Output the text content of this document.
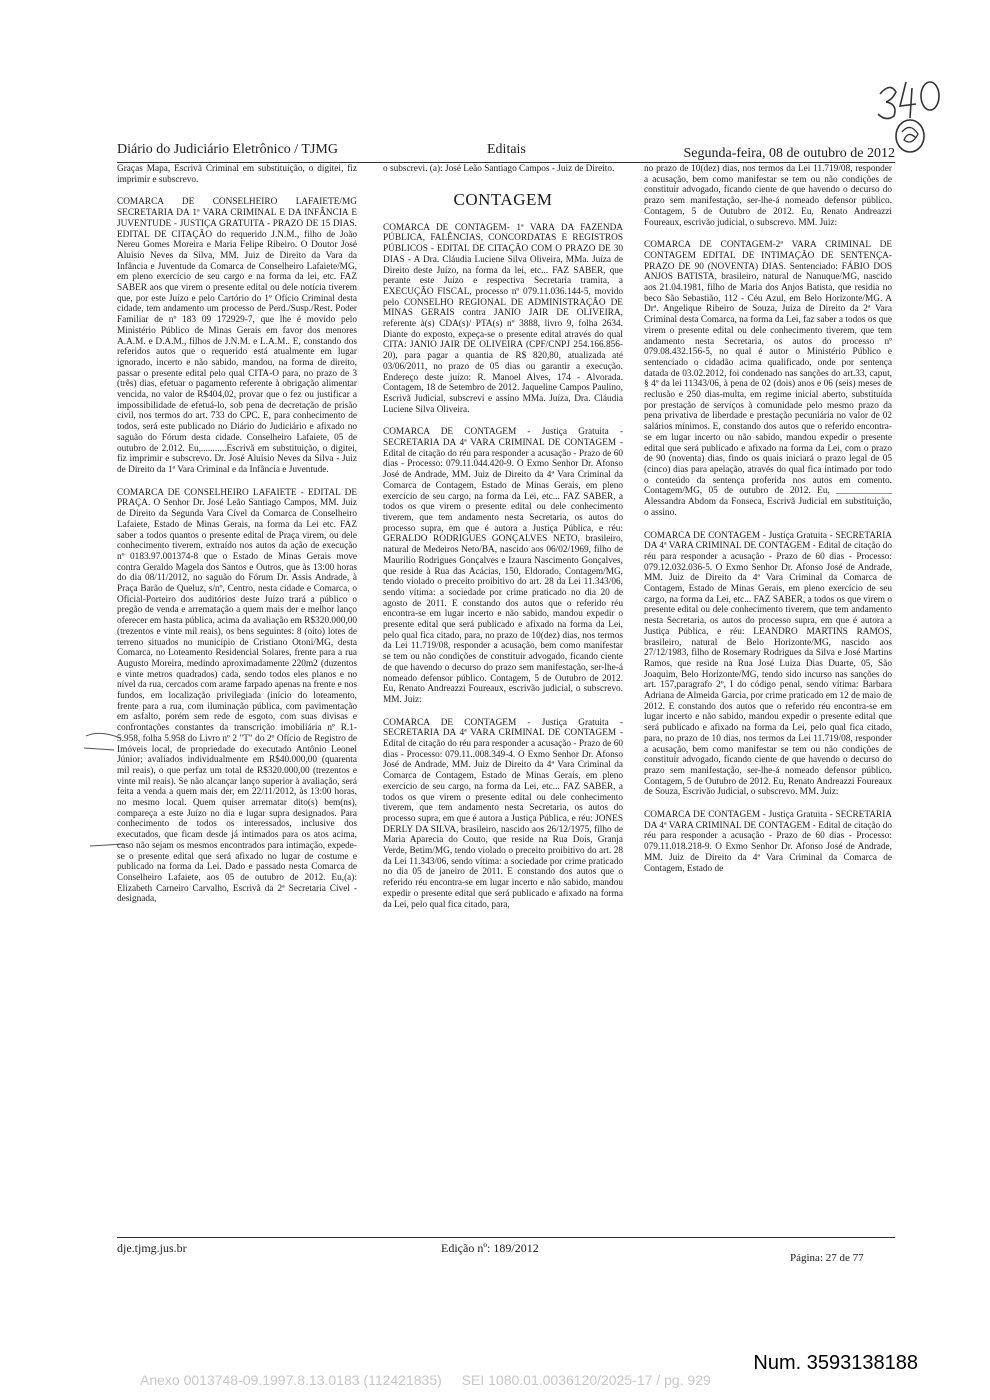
Diário do Judiciário Eletrônico / TJMG	Editais	Segunda-feira, 08 de outubro de 2012

Graças Mapa, Escrivã Criminal em substituição, o digitei, fiz imprimir e subscrevo.

COMARCA DE CONSELHEIRO LAFAIETE/MG SECRETARIA DA 1ª VARA CRIMINAL E DA INFÂNCIA E JUVENTUDE - JUSTIÇA GRATUITA - PRAZO DE 15 DIAS. EDITAL DE CITAÇÃO do requerido J.N.M., filho de João Nereu Gomes Moreira e Maria Felipe Ribeiro. O Doutor José Aluísio Neves da Silva, MM. Juiz de Direito da Vara da Infância e Juventude da Comarca de Conselheiro Lafaiete/MG, em pleno exercício de seu cargo e na forma da lei, etc. FAZ SABER aos que virem o presente edital ou dele notícia tiverem que, por este Juízo e pelo Cartório do 1º Ofício Criminal desta cidade, tem andamento um processo de Perd./Susp./Rest. Poder Familiar de nº 183 09 172929-7, que lhe é movido pelo Ministério Público de Minas Gerais em favor dos menores A.A.M. e D.A.M., filhos de J.N.M. e L.A.M.. E, constando dos referidos autos que o requerido está atualmente em lugar ignorado, incerto e não sabido, mandou, na forma de direito, passar o presente edital pelo qual CITA-O para, no prazo de 3 (três) dias, efetuar o pagamento referente à obrigação alimentar vencida, no valor de R$404,02, provar que o fez ou justificar a impossibilidade de efetuá-lo, sob pena de decretação de prisão civil, nos termos do art. 733 do CPC. E, para conhecimento de todos, será este publicado no Diário do Judiciário e afixado no saguão do Fórum desta cidade. Conselheiro Lafaiete, 05 de outubro de 2.012. Eu,...........Escrivã em substituição, o digitei, fiz imprimir e subscrevo. Dr. José Aluísio Neves da Silva - Juiz de Direito da 1ª Vara Criminal e da Infância e Juventude.

COMARCA DE CONSELHEIRO LAFAIETE - EDITAL DE PRAÇA. O Senhor Dr. José Leão Santiago Campos, MM. Juiz de Direito da Segunda Vara Cível da Comarca de Conselheiro Lafaiete, Estado de Minas Gerais, na forma da Lei etc. FAZ saber a todos quantos o presente edital de Praça virem, ou dele conhecimento tiverem, extraído nos autos da ação de execução nº 0183.97.001374-8 que o Estado de Minas Gerais move contra Geraldo Magela dos Santos e Outros, que às 13:00 horas do dia 08/11/2012, no saguão do Fórum Dr. Assis Andrade, à Praça Barão de Queluz, s/nº, Centro, nesta cidade e Comarca, o Oficial-Porteiro dos auditórios deste Juízo trará a público o pregão de venda e arrematação a quem mais der e melhor lanço oferecer em hasta pública, acima da avaliação em R$320.000,00 (trezentos e vinte mil reais), os bens seguintes: 8 (oito) lotes de terreno situados no município de Cristiano Otoni/MG, desta Comarca, no Loteamento Residencial Solares, frente para a rua Augusto Moreira, medindo aproximadamente 220m2 (duzentos e vinte metros quadrados) cada, sendo todos eles planos e no nível da rua, cercados com arame farpado apenas na frente e nos fundos, em localização privilegiada (início do loteamento, frente para a rua, com iluminação pública, com pavimentação em asfalto, porém sem rede de esgoto, com suas divisas e confrontações constantes da transcrição imobiliária nº R.1-5.958, folha 5.958 do Livro nº 2 "T" do 2º Ofício de Registro de Imóveis local, de propriedade do executado Antônio Leonel Júnior; avaliados individualmente em R$40.000,00 (quarenta mil reais), o que perfaz um total de R$320.000,00 (trezentos e vinte mil reais). Se não alcançar lanço superior à avaliação, será feita a venda a quem mais der, em 22/11/2012, às 13:00 horas, no mesmo local. Quem quiser arrematar dito(s) bem(ns), compareça a este Juízo no dia e lugar supra designados. Para conhecimento de todos os interessados, inclusive dos executados, que ficam desde já intimados para os atos acima, caso não sejam os mesmos encontrados para intimação, expede-se o presente edital que será afixado no lugar de costume e publicado na forma da Lei. Dado e passado nesta Comarca de Conselheiro Lafaiete, aos 05 de outubro de 2012. Eu,(a): Elizabeth Carneiro Carvalho, Escrivã da 2ª Secretaria Cível - designada,

o subscrevi. (a): José Leão Santiago Campos - Juiz de Direito.

CONTAGEM

COMARCA DE CONTAGEM- 1ª VARA DA FAZENDA PÚBLICA, FALÊNCIAS, CONCORDATAS E REGISTROS PÚBLICOS - EDITAL DE CITAÇÃO COM O PRAZO DE 30 DIAS - A Dra. Cláudia Luciene Silva Oliveira, MMa. Juíza de Direito deste Juízo, na forma da lei, etc... FAZ SABER, que perante este Juízo e respectiva Secretaria tramita, a EXECUÇÃO FISCAL, processo nº 079.11.036.144-5, movido pelo CONSELHO REGIONAL DE ADMINISTRAÇÃO DE MINAS GERAIS contra JANIO JAIR DE OLIVEIRA, referente à(s) CDA(s)/ PTA(s) nº 3888, livro 9, folha 2634. Diante do exposto, expeça-se o presente edital através do qual CITA: JANIO JAIR DE OLIVEIRA (CPF/CNPJ 254.166.856-20), para pagar a quantia de R$ 820,80, atualizada até 03/06/2011, no prazo de 05 dias ou garantir a execução. Endereço deste juízo: R. Manoel Alves, 174 - Alvorada. Contagem, 18 de Setembro de 2012. Jaqueline Campos Paulino, Escrivã Judicial, subscrevi e assino MMa. Juíza, Dra. Cláudia Luciene Silva Oliveira.

COMARCA DE CONTAGEM - Justiça Gratuita - SECRETARIA DA 4ª VARA CRIMINAL DE CONTAGEM - Edital de citação do réu para responder a acusação - Prazo de 60 dias - Processo: 079.11.044.420-9. O Exmo Senhor Dr. Afonso José de Andrade, MM. Juiz de Direito da 4ª Vara Criminal da Comarca de Contagem, Estado de Minas Gerais, em pleno exercício de seu cargo, na forma da Lei, etc... FAZ SABER, a todos os que virem o presente edital ou dele conhecimento tiverem, que tem andamento nesta Secretaria, os autos do processo supra, em que é autora a Justiça Pública, e réu: GERALDO RODRIGUES GONÇALVES NETO, brasileiro, natural de Medeiros Neto/BA, nascido aos 06/02/1969, filho de Maurilio Rodrigues Gonçalves e Izaura Nascimento Gonçalves, que reside à Rua das Acácias, 150, Eldorado, Contagem/MG, tendo violado o preceito proibitivo do art. 28 da Lei 11.343/06, sendo vítima: a sociedade por crime praticado no dia 20 de agosto de 2011. E constando dos autos que o referido réu encontra-se em lugar incerto e não sabido, mandou expedir o presente edital que será publicado e afixado na forma da Lei, pelo qual fica citado, para, no prazo de 10(dez) dias, nos termos da Lei 11.719/08, responder a acusação, bem como manifestar se tem ou não condições de constituir advogado, ficando ciente de que havendo o decurso do prazo sem manifestação, ser-lhe-á nomeado defensor público. Contagem, 5 de Outubro de 2012. Eu, Renato Andreazzi Foureaux, escrivão judicial, o subscrevo. MM. Juiz:

COMARCA DE CONTAGEM - Justiça Gratuita - SECRETARIA DA 4ª VARA CRIMINAL DE CONTAGEM - Edital de citação do réu para responder a acusação - Prazo de 60 dias - Processo: 079.11..008.349-4. O Exmo Senhor Dr. Afonso José de Andrade, MM. Juiz de Direito da 4ª Vara Criminal da Comarca de Contagem, Estado de Minas Gerais, em pleno exercício de seu cargo, na forma da Lei, etc... FAZ SABER, a todos os que virem o presente edital ou dele conhecimento tiverem, que tem andamento nesta Secretaria, os autos do processo supra, em que é autora a Justiça Pública, e réu: JONES DERLY DA SILVA, brasileiro, nascido aos 26/12/1975, filho de Maria Aparecia do Couto, que reside na Rua Dois, Granja Verde, Betim/MG, tendo violado o preceito proibitivo do art. 28 da Lei 11.343/06, sendo vítima: a sociedade por crime praticado no dia 05 de janeiro de 2011. E constando dos autos que o referido réu encontra-se em lugar incerto e não sabido, mandou expedir o presente edital que será publicado e afixado na forma da Lei, pelo qual fica citado, para,

no prazo de 10(dez) dias, nos termos da Lei 11.719/08, responder a acusação, bem como manifestar se tem ou não condições de constituir advogado, ficando ciente de que havendo o decurso do prazo sem manifestação, ser-lhe-á nomeado defensor público. Contagem, 5 de Outubro de 2012. Eu, Renato Andreazzi Foureaux, escrivão judicial, o subscrevo. MM. Juiz:

COMARCA DE CONTAGEM-2ª VARA CRIMINAL DE CONTAGEM EDITAL DE INTIMAÇÃO DE SENTENÇA-PRAZO DE 90 (NOVENTA) DIAS. Sentenciado: FÁBIO DOS ANJOS BATISTA, brasileiro, natural de Nanuque/MG, nascido aos 21.04.1981, filho de Maria dos Anjos Batista, que residia no beco São Sebastião, 112 - Céu Azul, em Belo Horizonte/MG. A Drª. Angelique Ribeiro de Souza, Juíza de Direito da 2ª Vara Criminal desta Comarca, na forma da Lei, faz saber a todos os que virem o presente edital ou dele conhecimento tiverem, que tem andamento nesta Secretaria, os autos do processo nº 079.08.432.156-5, no qual é autor o Ministério Público e sentenciado o cidadão acima qualificado, onde por sentença datada de 03.02.2012, foi condenado nas sanções do art.33, caput, § 4º da lei 11343/06, à pena de 02 (dois) anos e 06 (seis) meses de reclusão e 250 dias-multa, em regime inicial aberto, substituída por prestação de serviços à comunidade pelo mesmo prazo da pena privativa de liberdade e prestação pecuniária no valor de 02 salários mínimos. E, constando dos autos que o referido encontra-se em lugar incerto ou não sabido, mandou expedir o presente edital que será publicado e afixado na forma da Lei, com o prazo de 90 (noventa) dias, findo os quais iniciará o prazo legal de 05 (cinco) dias para apelação, através do qual fica intimado por todo o conteúdo da sentença proferida nos autos em comento. Contagem/MG, 05 de outubro de 2012. Eu, ____________ Alessandra Abdom da Fonseca, Escrivã Judicial em substituição, o assino.

COMARCA DE CONTAGEM - Justiça Gratuita - SECRETARIA DA 4ª VARA CRIMINAL DE CONTAGEM - Edital de citação do réu para responder a acusação - Prazo de 60 dias - Processo: 079.12.032.036-5. O Exmo Senhor Dr. Afonso José de Andrade, MM. Juiz de Direito da 4ª Vara Criminal da Comarca de Contagem, Estado de Minas Gerais, em pleno exercício de seu cargo, na forma da Lei, etc... FAZ SABER, a todos os que virem o presente edital ou dele conhecimento tiverem, que tem andamento nesta Secretaria, os autos do processo supra, em que é autora a Justiça Pública, e réu: LEANDRO MARTINS RAMOS, brasileiro, natural de Belo Horizonte/MG, nascido aos 27/12/1983, filho de Rosemary Rodrigues da Silva e José Martins Ramos, que reside na Rua José Luiza Dias Duarte, 05, São Joaquim, Belo Horizonte/MG, tendo sido incurso nas sanções do art. 157,paragrafo 2º, I do código penal, sendo vítima: Barbara Adriana de Almeida Garcia, por crime praticado em 12 de maio de 2012. E constando dos autos que o referido réu encontra-se em lugar incerto e não sabido, mandou expedir o presente edital que será publicado e afixado na forma da Lei, pelo qual fica citado, para, no prazo de 10 dias, nos termos da Lei 11.719/08, responder a acusação, bem como manifestar se tem ou não condições de constituir advogado, ficando ciente de que havendo o decurso do prazo sem manifestação, ser-lhe-á nomeado defensor público. Contagem, 5 de Outubro de 2012. Eu, Renato Andreazzi Foureaux de Souza, Escrivão Judicial, o subscrevo. MM. Juiz:

COMARCA DE CONTAGEM - Justiça Gratuita - SECRETARIA DA 4ª VARA CRIMINAL DE CONTAGEM - Edital de citação do réu para responder a acusação - Prazo de 60 dias - Processo: 079.11.018.218-9. O Exmo Senhor Dr. Afonso José de Andrade, MM. Juiz de Direito da 4ª Vara Criminal da Comarca de Contagem, Estado de

dje.tjmg.jus.br	Edição nº: 189/2012
Página: 27 de 77
Num. 3593138188
Anexo 0013748-09.1997.8.13.0183 (112421835) SEI 1080.01.0036120/2025-17 / pg. 929
